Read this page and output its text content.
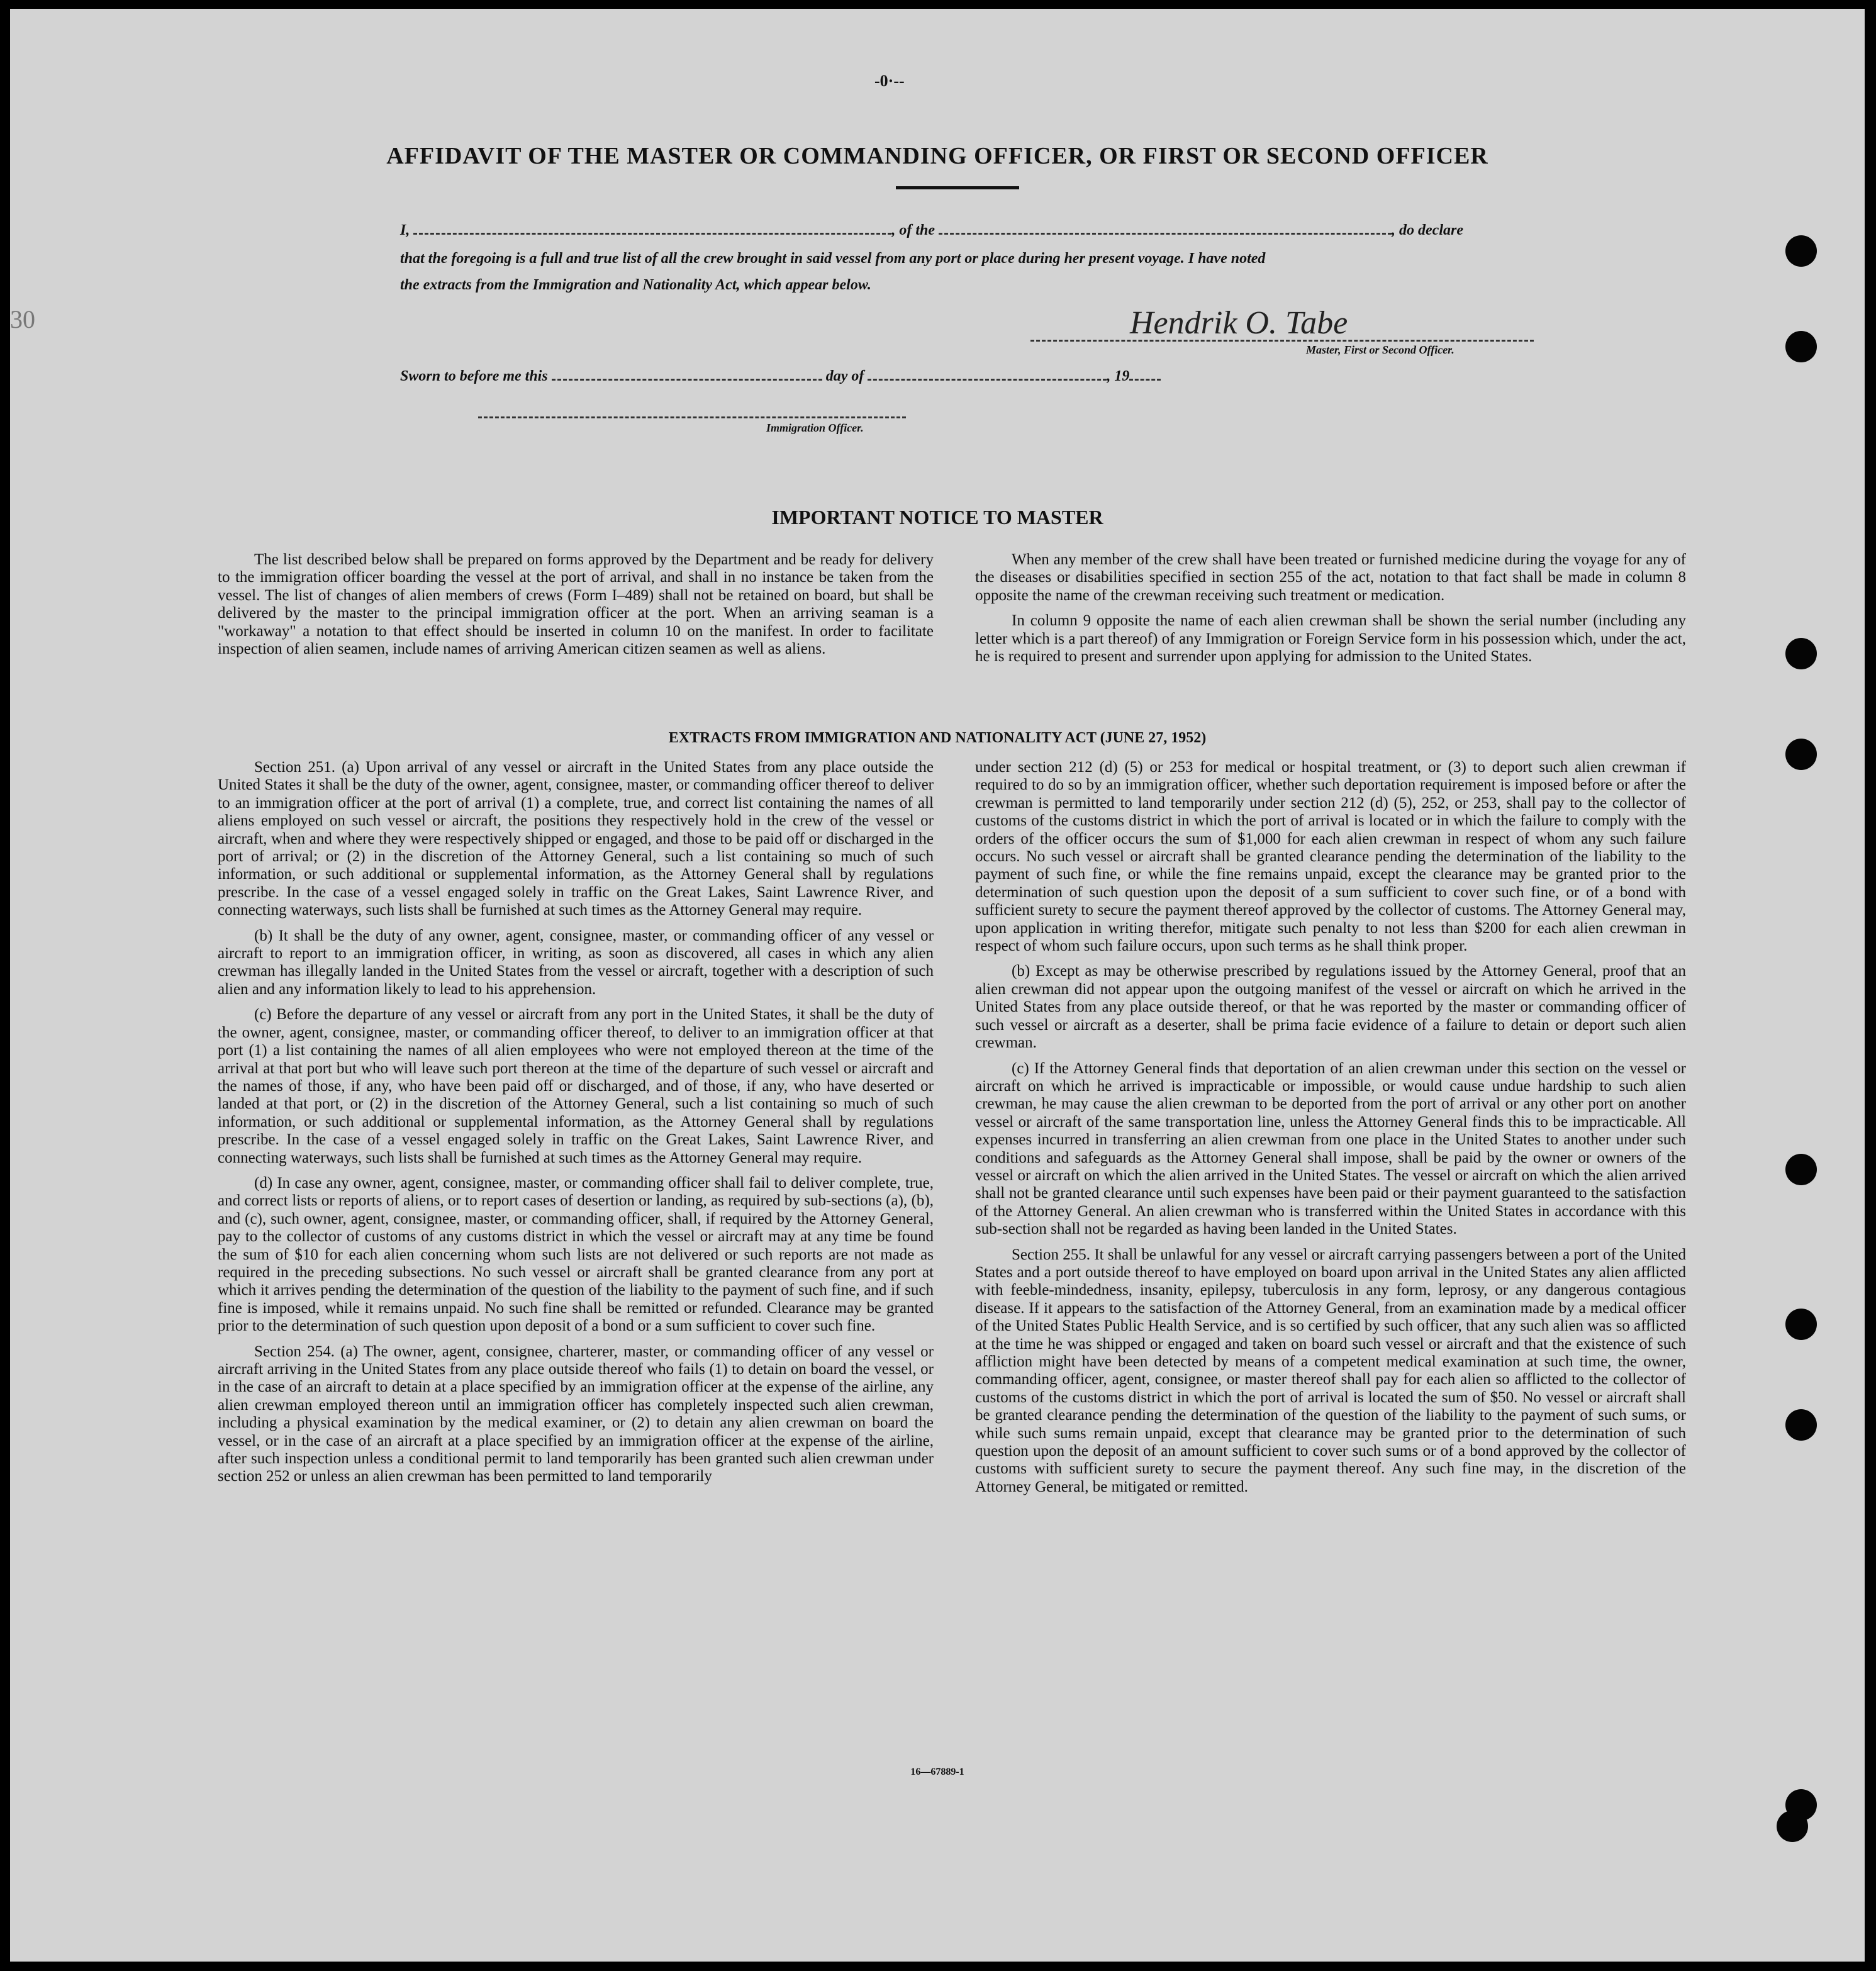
30
-0·--
AFFIDAVIT OF THE MASTER OR COMMANDING OFFICER, OR FIRST OR SECOND OFFICER
I,	, of the	, do declare
that the foregoing is a full and true list of all the crew brought in said vessel from any port or place during her present voyage. I have noted
the extracts from the Immigration and Nationality Act, which appear below.
Hendrik O. Tabe
Master, First or Second Officer.
Sworn to before me this	day of	, 19
Immigration Officer.
IMPORTANT NOTICE TO MASTER

The list described below shall be prepared on forms approved by the Department and be ready for delivery to the immigration officer boarding the vessel at the port of arrival, and shall in no instance be taken from the vessel. The list of changes of alien members of crews (Form I–489) shall not be retained on board, but shall be delivered by the master to the principal immigration officer at the port. When an arriving seaman is a "workaway" a notation to that effect should be inserted in column 10 on the manifest. In order to facilitate inspection of alien seamen, include names of arriving American citizen seamen as well as aliens.

When any member of the crew shall have been treated or furnished medicine during the voyage for any of the diseases or disabilities specified in section 255 of the act, notation to that fact shall be made in column 8 opposite the name of the crewman receiving such treatment or medication.

In column 9 opposite the name of each alien crewman shall be shown the serial number (including any letter which is a part thereof) of any Immigration or Foreign Service form in his possession which, under the act, he is required to present and surrender upon applying for admission to the United States.

EXTRACTS FROM IMMIGRATION AND NATIONALITY ACT (JUNE 27, 1952)

Section 251. (a) Upon arrival of any vessel or aircraft in the United States from any place outside the United States it shall be the duty of the owner, agent, consignee, master, or commanding officer thereof to deliver to an immigration officer at the port of arrival (1) a complete, true, and correct list containing the names of all aliens employed on such vessel or aircraft, the positions they respectively hold in the crew of the vessel or aircraft, when and where they were respectively shipped or engaged, and those to be paid off or discharged in the port of arrival; or (2) in the discretion of the Attorney General, such a list containing so much of such information, or such additional or supplemental information, as the Attorney General shall by regulations prescribe. In the case of a vessel engaged solely in traffic on the Great Lakes, Saint Lawrence River, and connecting waterways, such lists shall be furnished at such times as the Attorney General may require.

(b) It shall be the duty of any owner, agent, consignee, master, or commanding officer of any vessel or aircraft to report to an immigration officer, in writing, as soon as discovered, all cases in which any alien crewman has illegally landed in the United States from the vessel or aircraft, together with a description of such alien and any information likely to lead to his apprehension.

(c) Before the departure of any vessel or aircraft from any port in the United States, it shall be the duty of the owner, agent, consignee, master, or commanding officer thereof, to deliver to an immigration officer at that port (1) a list containing the names of all alien employees who were not employed thereon at the time of the arrival at that port but who will leave such port thereon at the time of the departure of such vessel or aircraft and the names of those, if any, who have been paid off or discharged, and of those, if any, who have deserted or landed at that port, or (2) in the discretion of the Attorney General, such a list containing so much of such information, or such additional or supplemental information, as the Attorney General shall by regulations prescribe. In the case of a vessel engaged solely in traffic on the Great Lakes, Saint Lawrence River, and connecting waterways, such lists shall be furnished at such times as the Attorney General may require.

(d) In case any owner, agent, consignee, master, or commanding officer shall fail to deliver complete, true, and correct lists or reports of aliens, or to report cases of desertion or landing, as required by sub-sections (a), (b), and (c), such owner, agent, consignee, master, or commanding officer, shall, if required by the Attorney General, pay to the collector of customs of any customs district in which the vessel or aircraft may at any time be found the sum of $10 for each alien concerning whom such lists are not delivered or such reports are not made as required in the preceding subsections. No such vessel or aircraft shall be granted clearance from any port at which it arrives pending the determination of the question of the liability to the payment of such fine, and if such fine is imposed, while it remains unpaid. No such fine shall be remitted or refunded. Clearance may be granted prior to the determination of such question upon deposit of a bond or a sum sufficient to cover such fine.

Section 254. (a) The owner, agent, consignee, charterer, master, or commanding officer of any vessel or aircraft arriving in the United States from any place outside thereof who fails (1) to detain on board the vessel, or in the case of an aircraft to detain at a place specified by an immigration officer at the expense of the airline, any alien crewman employed thereon until an immigration officer has completely inspected such alien crewman, including a physical examination by the medical examiner, or (2) to detain any alien crewman on board the vessel, or in the case of an aircraft at a place specified by an immigration officer at the expense of the airline, after such inspection unless a conditional permit to land temporarily has been granted such alien crewman under section 252 or unless an alien crewman has been permitted to land temporarily

under section 212 (d) (5) or 253 for medical or hospital treatment, or (3) to deport such alien crewman if required to do so by an immigration officer, whether such deportation requirement is imposed before or after the crewman is permitted to land temporarily under section 212 (d) (5), 252, or 253, shall pay to the collector of customs of the customs district in which the port of arrival is located or in which the failure to comply with the orders of the officer occurs the sum of $1,000 for each alien crewman in respect of whom any such failure occurs. No such vessel or aircraft shall be granted clearance pending the determination of the liability to the payment of such fine, or while the fine remains unpaid, except the clearance may be granted prior to the determination of such question upon the deposit of a sum sufficient to cover such fine, or of a bond with sufficient surety to secure the payment thereof approved by the collector of customs. The Attorney General may, upon application in writing therefor, mitigate such penalty to not less than $200 for each alien crewman in respect of whom such failure occurs, upon such terms as he shall think proper.

(b) Except as may be otherwise prescribed by regulations issued by the Attorney General, proof that an alien crewman did not appear upon the outgoing manifest of the vessel or aircraft on which he arrived in the United States from any place outside thereof, or that he was reported by the master or commanding officer of such vessel or aircraft as a deserter, shall be prima facie evidence of a failure to detain or deport such alien crewman.

(c) If the Attorney General finds that deportation of an alien crewman under this section on the vessel or aircraft on which he arrived is impracticable or impossible, or would cause undue hardship to such alien crewman, he may cause the alien crewman to be deported from the port of arrival or any other port on another vessel or aircraft of the same transportation line, unless the Attorney General finds this to be impracticable. All expenses incurred in transferring an alien crewman from one place in the United States to another under such conditions and safeguards as the Attorney General shall impose, shall be paid by the owner or owners of the vessel or aircraft on which the alien arrived in the United States. The vessel or aircraft on which the alien arrived shall not be granted clearance until such expenses have been paid or their payment guaranteed to the satisfaction of the Attorney General. An alien crewman who is transferred within the United States in accordance with this sub-section shall not be regarded as having been landed in the United States.

Section 255. It shall be unlawful for any vessel or aircraft carrying passengers between a port of the United States and a port outside thereof to have employed on board upon arrival in the United States any alien afflicted with feeble-mindedness, insanity, epilepsy, tuberculosis in any form, leprosy, or any dangerous contagious disease. If it appears to the satisfaction of the Attorney General, from an examination made by a medical officer of the United States Public Health Service, and is so certified by such officer, that any such alien was so afflicted at the time he was shipped or engaged and taken on board such vessel or aircraft and that the existence of such affliction might have been detected by means of a competent medical examination at such time, the owner, commanding officer, agent, consignee, or master thereof shall pay for each alien so afflicted to the collector of customs of the customs district in which the port of arrival is located the sum of $50. No vessel or aircraft shall be granted clearance pending the determination of the question of the liability to the payment of such sums, or while such sums remain unpaid, except that clearance may be granted prior to the determination of such question upon the deposit of an amount sufficient to cover such sums or of a bond approved by the collector of customs with sufficient surety to secure the payment thereof. Any such fine may, in the discretion of the Attorney General, be mitigated or remitted.

16—67889-1
